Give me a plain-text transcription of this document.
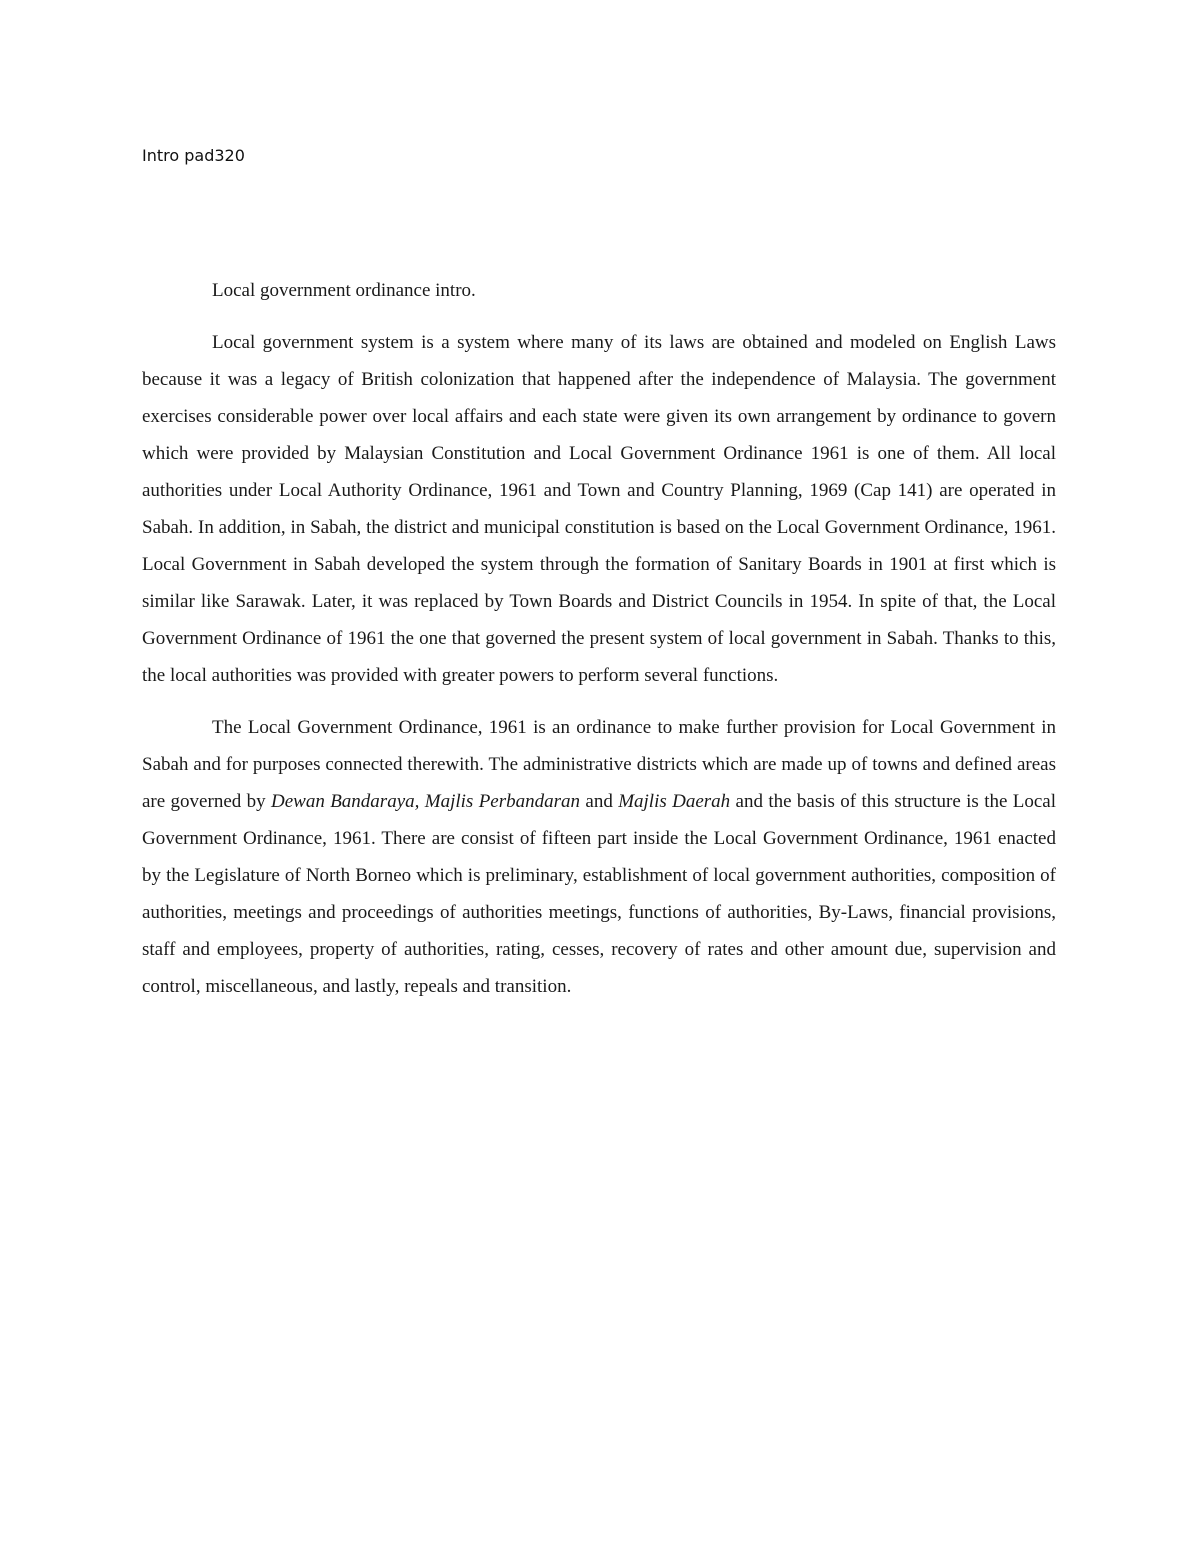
Intro pad320

Local government ordinance intro.

Local government system is a system where many of its laws are obtained and modeled on English Laws because it was a legacy of British colonization that happened after the independence of Malaysia. The government exercises considerable power over local affairs and each state were given its own arrangement by ordinance to govern which were provided by Malaysian Constitution and Local Government Ordinance 1961 is one of them. All local authorities under Local Authority Ordinance, 1961 and Town and Country Planning, 1969 (Cap 141) are operated in Sabah. In addition, in Sabah, the district and municipal constitution is based on the Local Government Ordinance, 1961. Local Government in Sabah developed the system through the formation of Sanitary Boards in 1901 at first which is similar like Sarawak. Later, it was replaced by Town Boards and District Councils in 1954. In spite of that, the Local Government Ordinance of 1961 the one that governed the present system of local government in Sabah. Thanks to this, the local authorities was provided with greater powers to perform several functions.

The Local Government Ordinance, 1961 is an ordinance to make further provision for Local Government in Sabah and for purposes connected therewith. The administrative districts which are made up of towns and defined areas are governed by Dewan Bandaraya, Majlis Perbandaran and Majlis Daerah and the basis of this structure is the Local Government Ordinance, 1961. There are consist of fifteen part inside the Local Government Ordinance, 1961 enacted by the Legislature of North Borneo which is preliminary, establishment of local government authorities, composition of authorities, meetings and proceedings of authorities meetings, functions of authorities, By-Laws, financial provisions, staff and employees, property of authorities, rating, cesses, recovery of rates and other amount due, supervision and control, miscellaneous, and lastly, repeals and transition.
